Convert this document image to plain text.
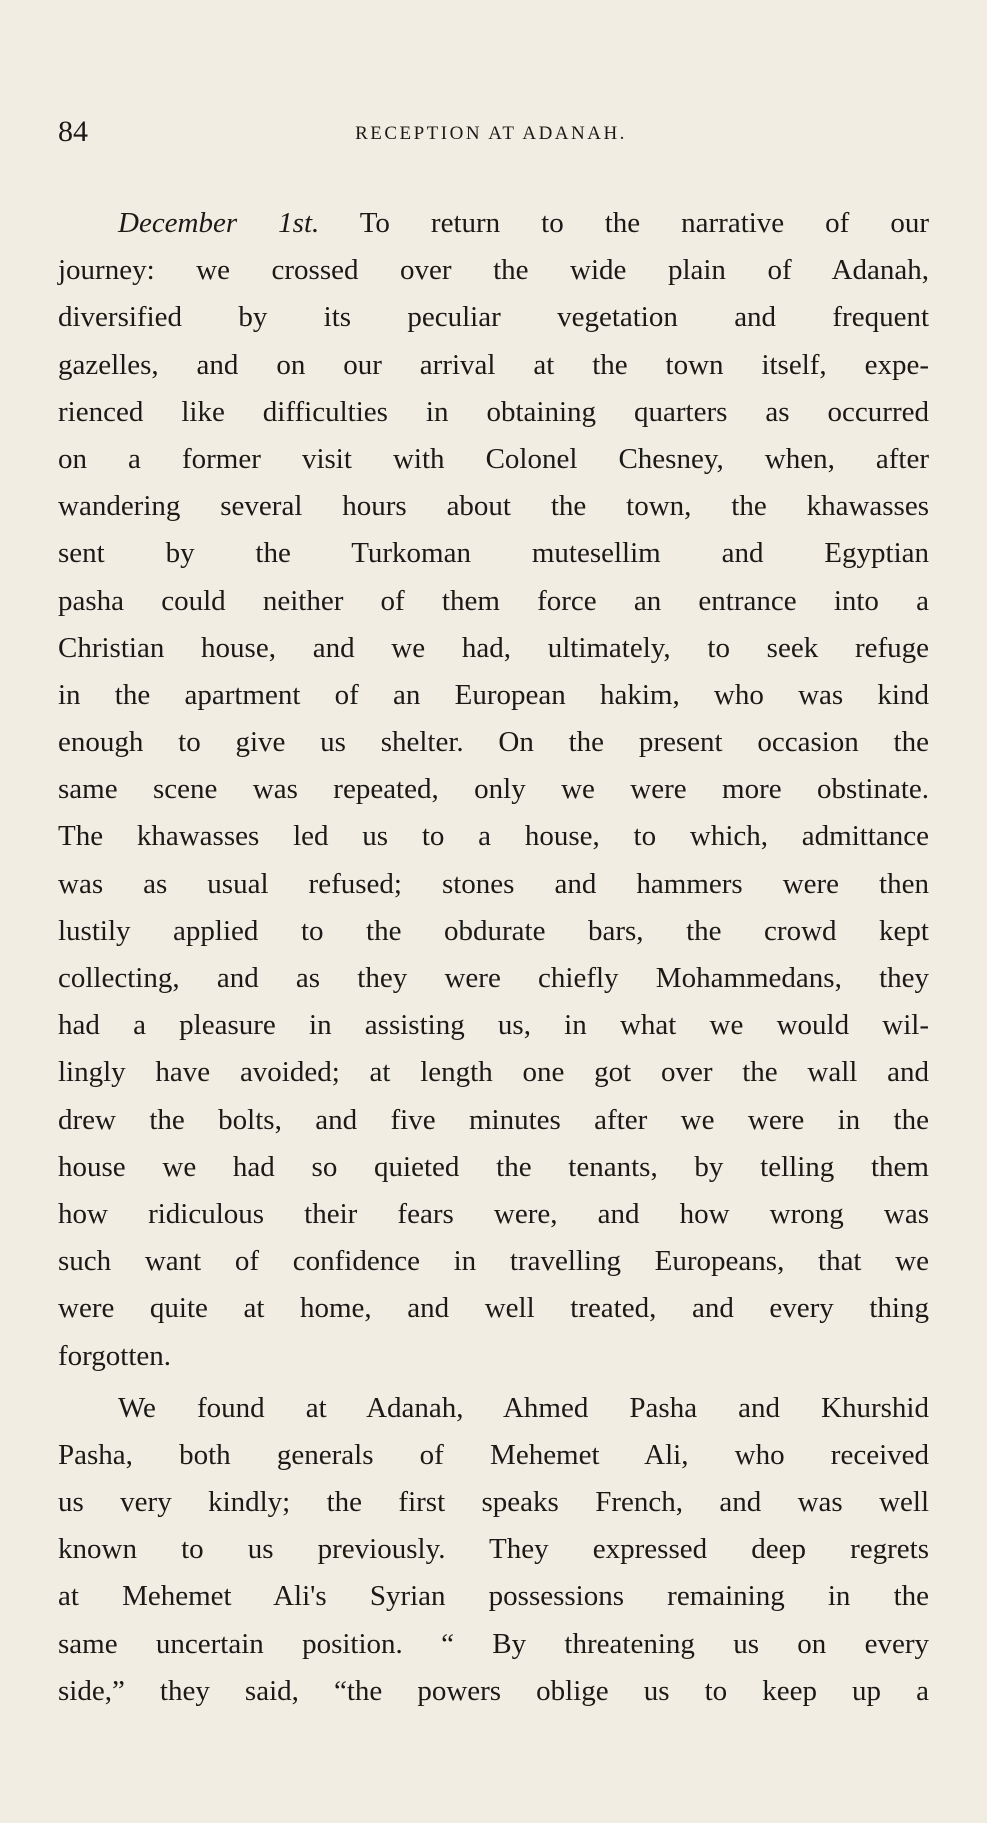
84	RECEPTION AT ADANAH.
December 1st. To return to the narrative of our
journey: we crossed over the wide plain of Adanah,
diversified by its peculiar vegetation and frequent
gazelles, and on our arrival at the town itself, expe-
rienced like difficulties in obtaining quarters as occurred
on a former visit with Colonel Chesney, when, after
wandering several hours about the town, the khawasses
sent by the Turkoman mutesellim and Egyptian
pasha could neither of them force an entrance into a
Christian house, and we had, ultimately, to seek refuge
in the apartment of an European hakim, who was kind
enough to give us shelter. On the present occasion the
same scene was repeated, only we were more obstinate.
The khawasses led us to a house, to which, admittance
was as usual refused; stones and hammers were then
lustily applied to the obdurate bars, the crowd kept
collecting, and as they were chiefly Mohammedans, they
had a pleasure in assisting us, in what we would wil-
lingly have avoided; at length one got over the wall and
drew the bolts, and five minutes after we were in the
house we had so quieted the tenants, by telling them
how ridiculous their fears were, and how wrong was
such want of confidence in travelling Europeans, that we
were quite at home, and well treated, and every thing
forgotten.
We found at Adanah, Ahmed Pasha and Khurshid
Pasha, both generals of Mehemet Ali, who received
us very kindly; the first speaks French, and was well
known to us previously. They expressed deep regrets
at Mehemet Ali's Syrian possessions remaining in the
same uncertain position. “ By threatening us on every
side,” they said, “the powers oblige us to keep up a
